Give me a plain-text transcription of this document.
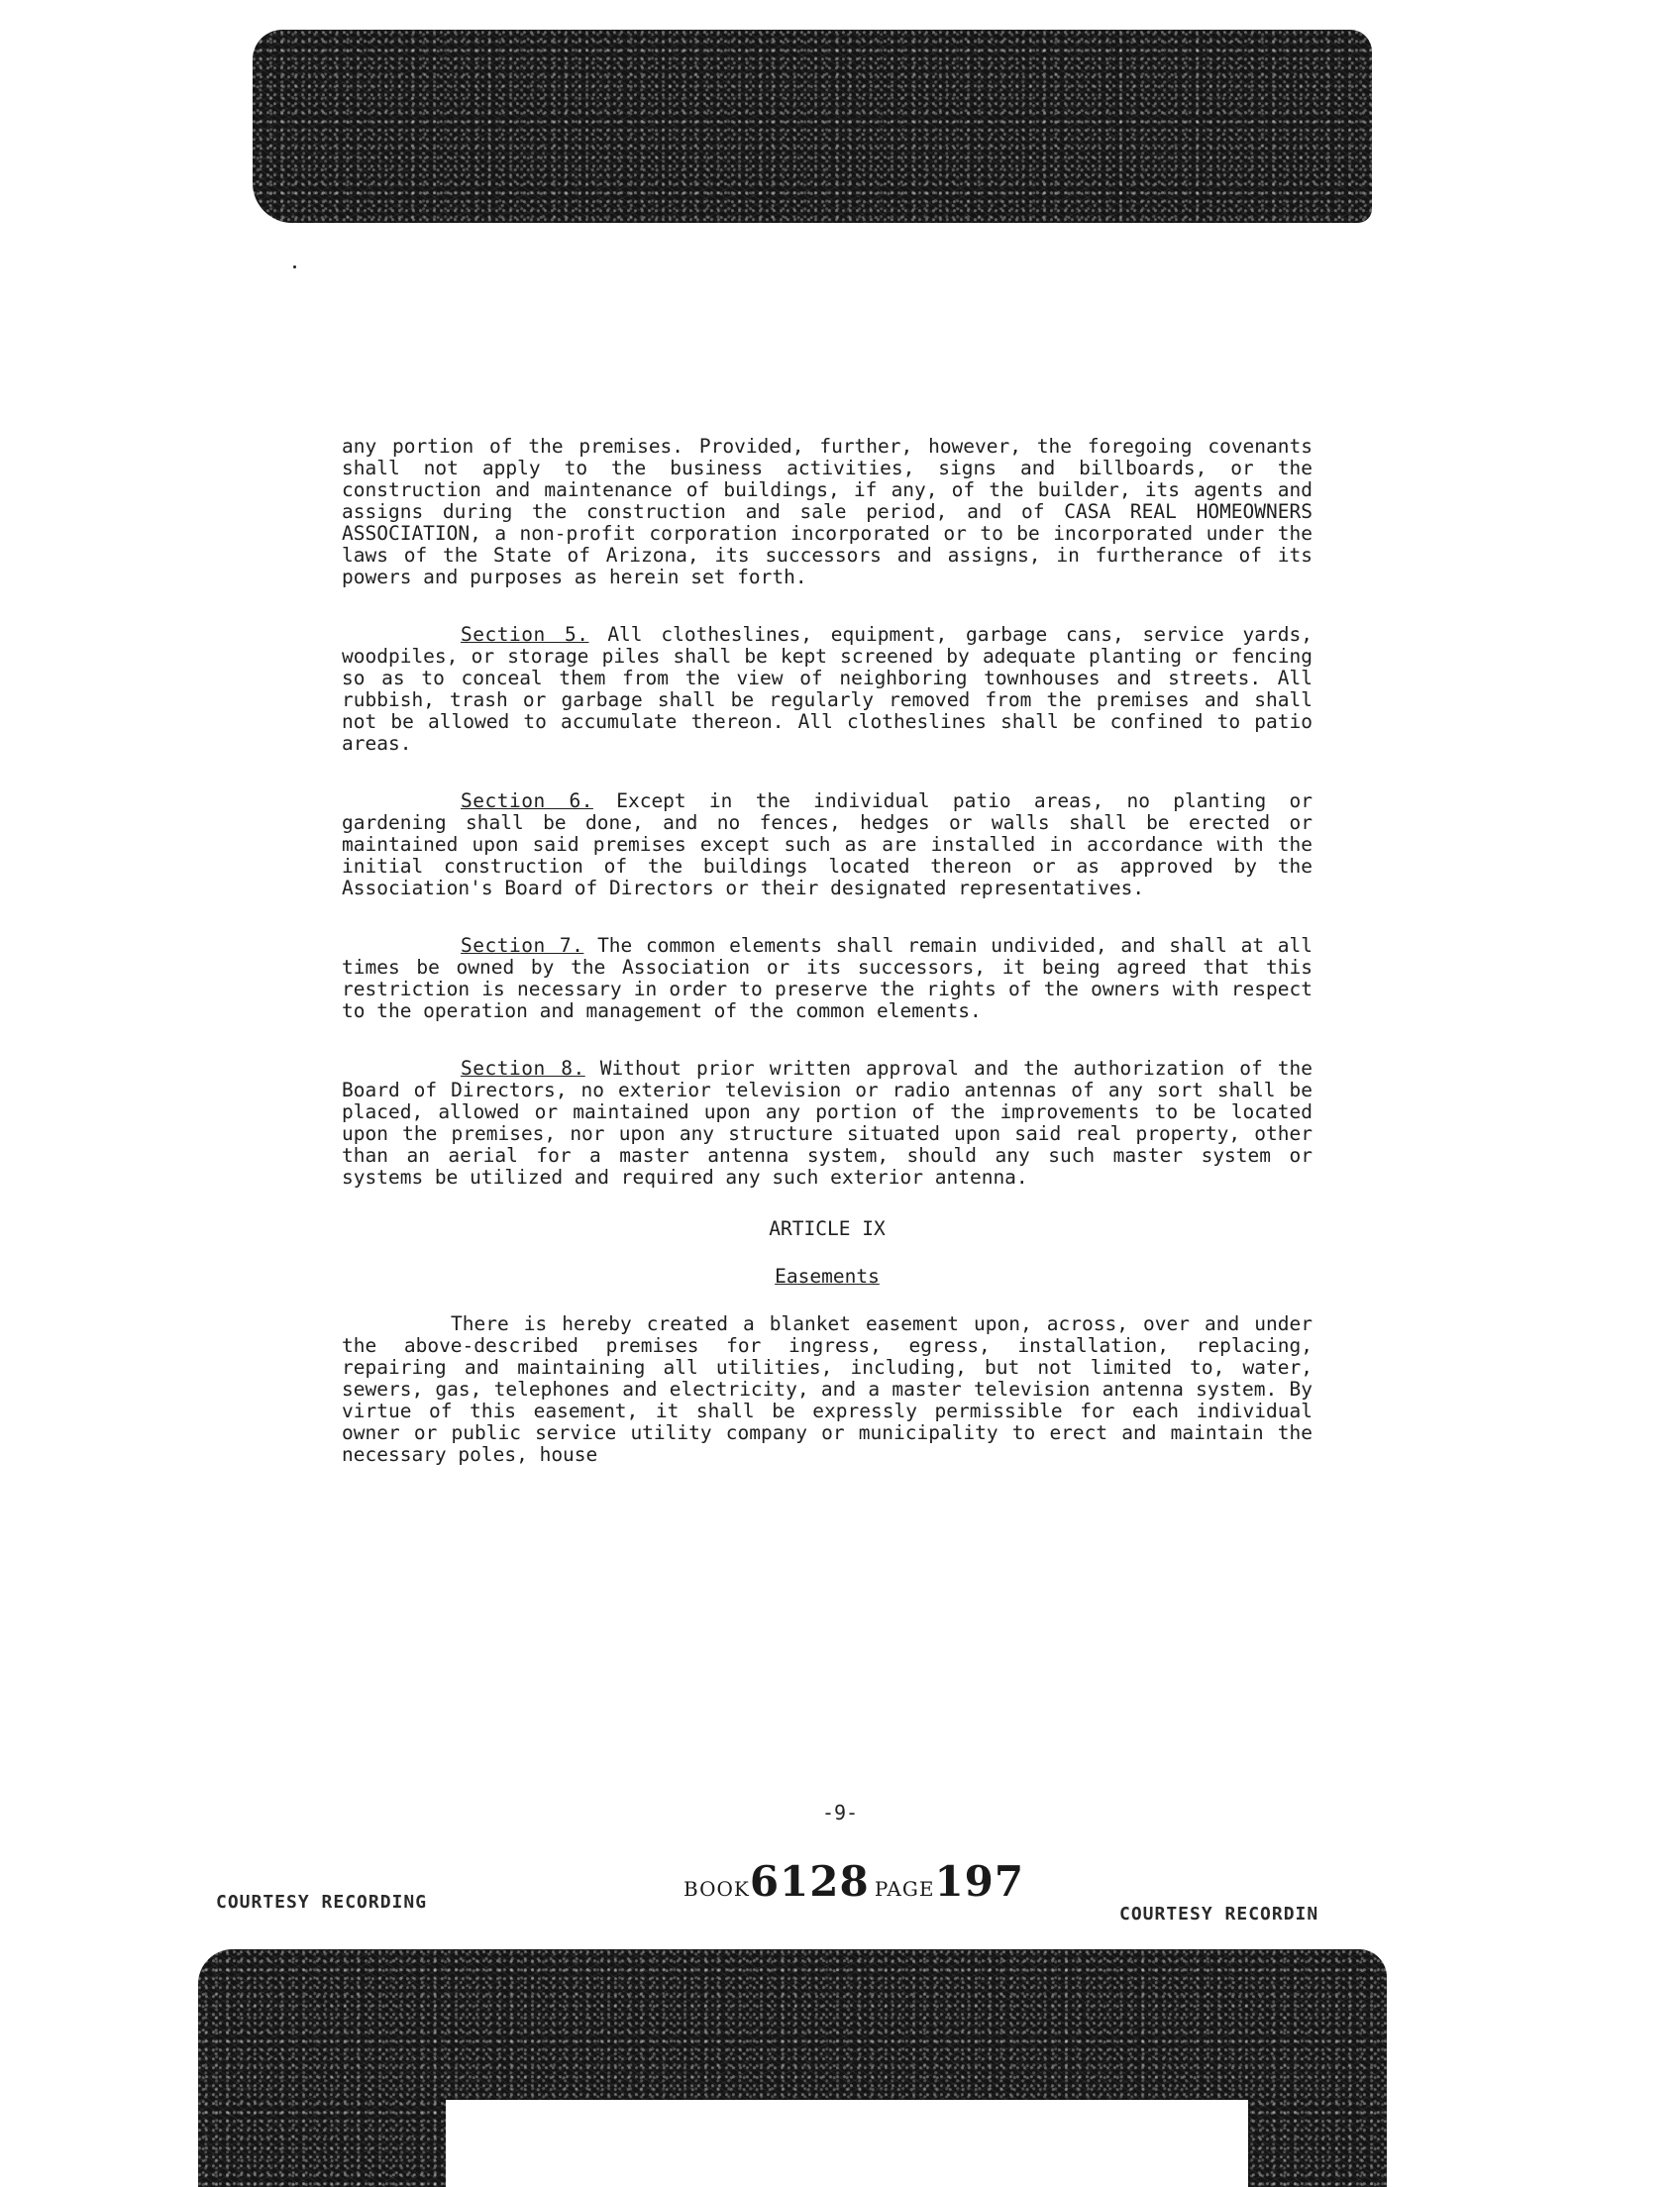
any portion of the premises. Provided, further, however, the foregoing covenants shall not apply to the business activities, signs and billboards, or the construction and maintenance of buildings, if any, of the builder, its agents and assigns during the construction and sale period, and of CASA REAL HOMEOWNERS ASSOCIATION, a non-profit corporation incorporated or to be incorporated under the laws of the State of Arizona, its successors and assigns, in furtherance of its powers and purposes as herein set forth.

Section 5. All clotheslines, equipment, garbage cans, service yards, woodpiles, or storage piles shall be kept screened by adequate planting or fencing so as to conceal them from the view of neighboring townhouses and streets. All rubbish, trash or garbage shall be regularly removed from the premises and shall not be allowed to accumulate thereon. All clotheslines shall be confined to patio areas.

Section 6. Except in the individual patio areas, no planting or gardening shall be done, and no fences, hedges or walls shall be erected or maintained upon said premises except such as are installed in accordance with the initial construction of the buildings located thereon or as approved by the Association's Board of Directors or their designated representatives.

Section 7. The common elements shall remain undivided, and shall at all times be owned by the Association or its successors, it being agreed that this restriction is necessary in order to preserve the rights of the owners with respect to the operation and management of the common elements.

Section 8. Without prior written approval and the authorization of the Board of Directors, no exterior television or radio antennas of any sort shall be placed, allowed or maintained upon any portion of the improvements to be located upon the premises, nor upon any structure situated upon said real property, other than an aerial for a master antenna system, should any such master system or systems be utilized and required any such exterior antenna.

ARTICLE IX

Easements

There is hereby created a blanket easement upon, across, over and under the above-described premises for ingress, egress, installation, replacing, repairing and maintaining all utilities, including, but not limited to, water, sewers, gas, telephones and electricity, and a master television antenna system. By virtue of this easement, it shall be expressly permissible for each individual owner or public service utility company or municipality to erect and maintain the necessary poles, house

-9-
BOOK6128 PAGE197
COURTESY RECORDING
COURTESY RECORDIN
